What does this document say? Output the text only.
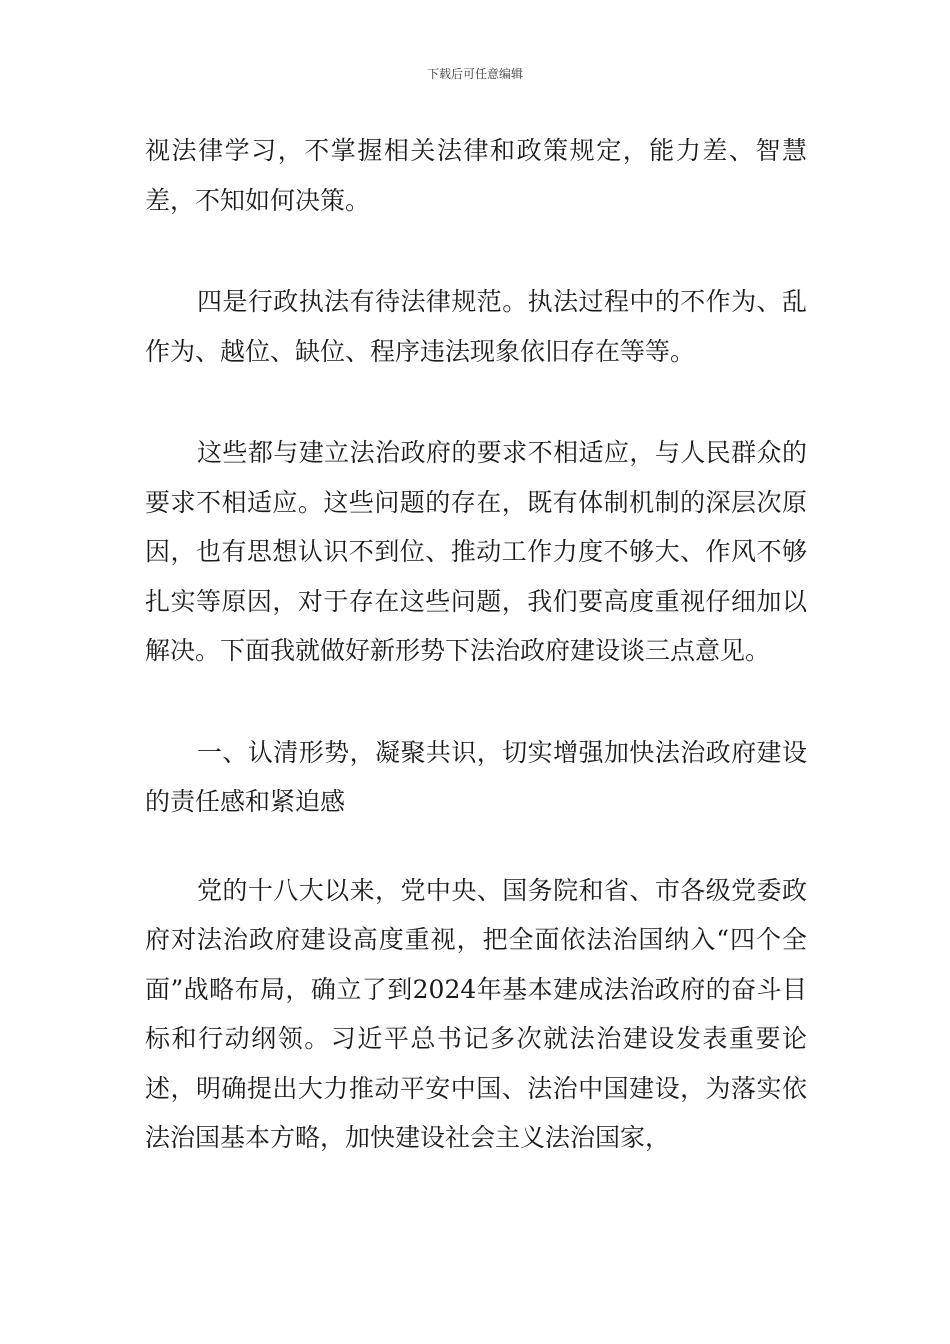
下载后可任意编辑

视法律学习，不掌握相关法律和政策规定，能力差、智慧差，不知如何决策。

四是行政执法有待法律规范。执法过程中的不作为、乱作为、越位、缺位、程序违法现象依旧存在等等。

这些都与建立法治政府的要求不相适应，与人民群众的要求不相适应。这些问题的存在，既有体制机制的深层次原因，也有思想认识不到位、推动工作力度不够大、作风不够扎实等原因，对于存在这些问题，我们要高度重视仔细加以解决。下面我就做好新形势下法治政府建设谈三点意见。

一、认清形势，凝聚共识，切实增强加快法治政府建设的责任感和紧迫感

党的十八大以来，党中央、国务院和省、市各级党委政府对法治政府建设高度重视，把全面依法治国纳入“四个全面”战略布局，确立了到2024年基本建成法治政府的奋斗目标和行动纲领。习近平总书记多次就法治建设发表重要论述，明确提出大力推动平安中国、法治中国建设，为落实依法治国基本方略，加快建设社会主义法治国家，
